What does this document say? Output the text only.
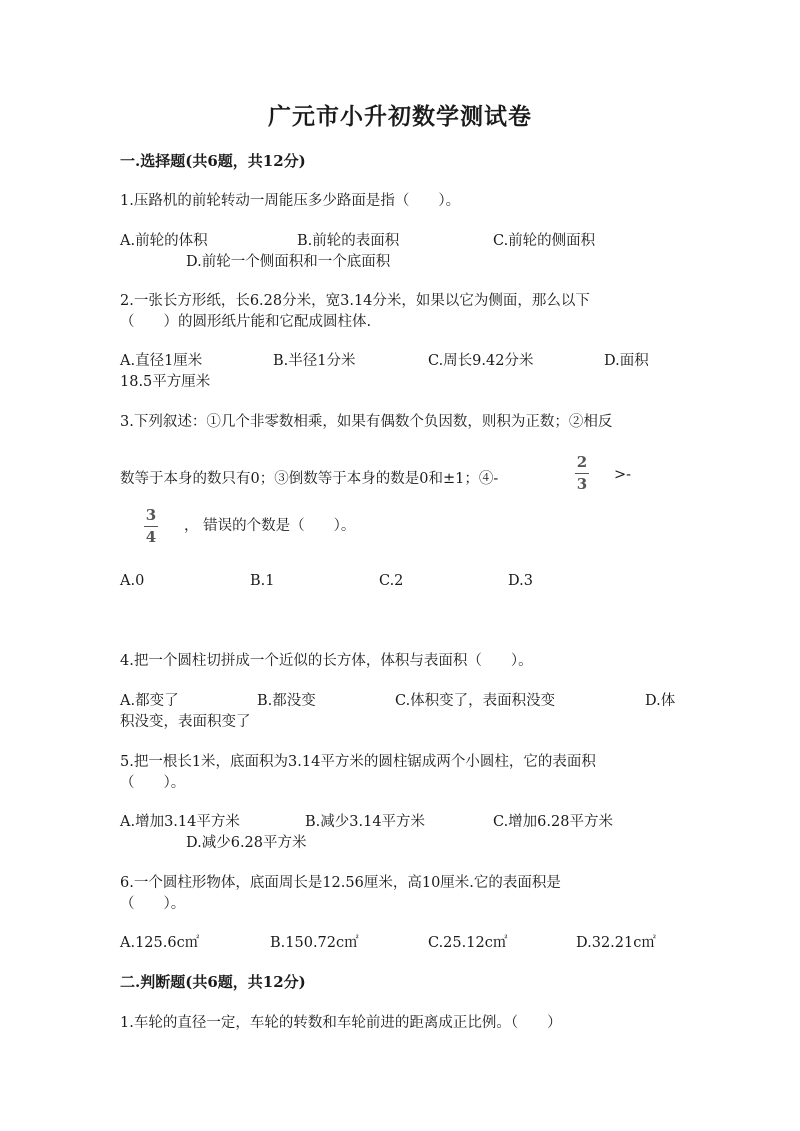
广元市小升初数学测试卷
一.选择题(共6题，共12分)
1.压路机的前轮转动一周能压多少路面是指（　　）。
A.前轮的体积	B.前轮的表面积	C.前轮的侧面积
D.前轮一个侧面积和一个底面积
2.一张长方形纸，长6.28分米，宽3.14分米，如果以它为侧面，那么以下
（　　）的圆形纸片能和它配成圆柱体.
A.直径1厘米	B.半径1分米	C.周长9.42分米	D.面积
18.5平方厘米
3.下列叙述：①几个非零数相乘，如果有偶数个负因数，则积为正数；②相反
数等于本身的数只有0；③倒数等于本身的数是0和±1；④-
2
3 >-
3
4
， 错误的个数是（　　）。
A.0	B.1	C.2	D.3
4.把一个圆柱切拼成一个近似的长方体，体积与表面积（　　）。
A.都变了	B.都没变	C.体积变了，表面积没变	D.体
积没变，表面积变了
5.把一根长1米，底面积为3.14平方米的圆柱锯成两个小圆柱，它的表面积
（　　）。
A.增加3.14平方米	B.减少3.14平方米	C.增加6.28平方米
D.减少6.28平方米
6.一个圆柱形物体，底面周长是12.56厘米，高10厘米.它的表面积是
（　　）。
A.125.6c㎡	B.150.72c㎡	C.25.12c㎡	D.32.21c㎡
二.判断题(共6题，共12分)
1.车轮的直径一定，车轮的转数和车轮前进的距离成正比例。（　　）
